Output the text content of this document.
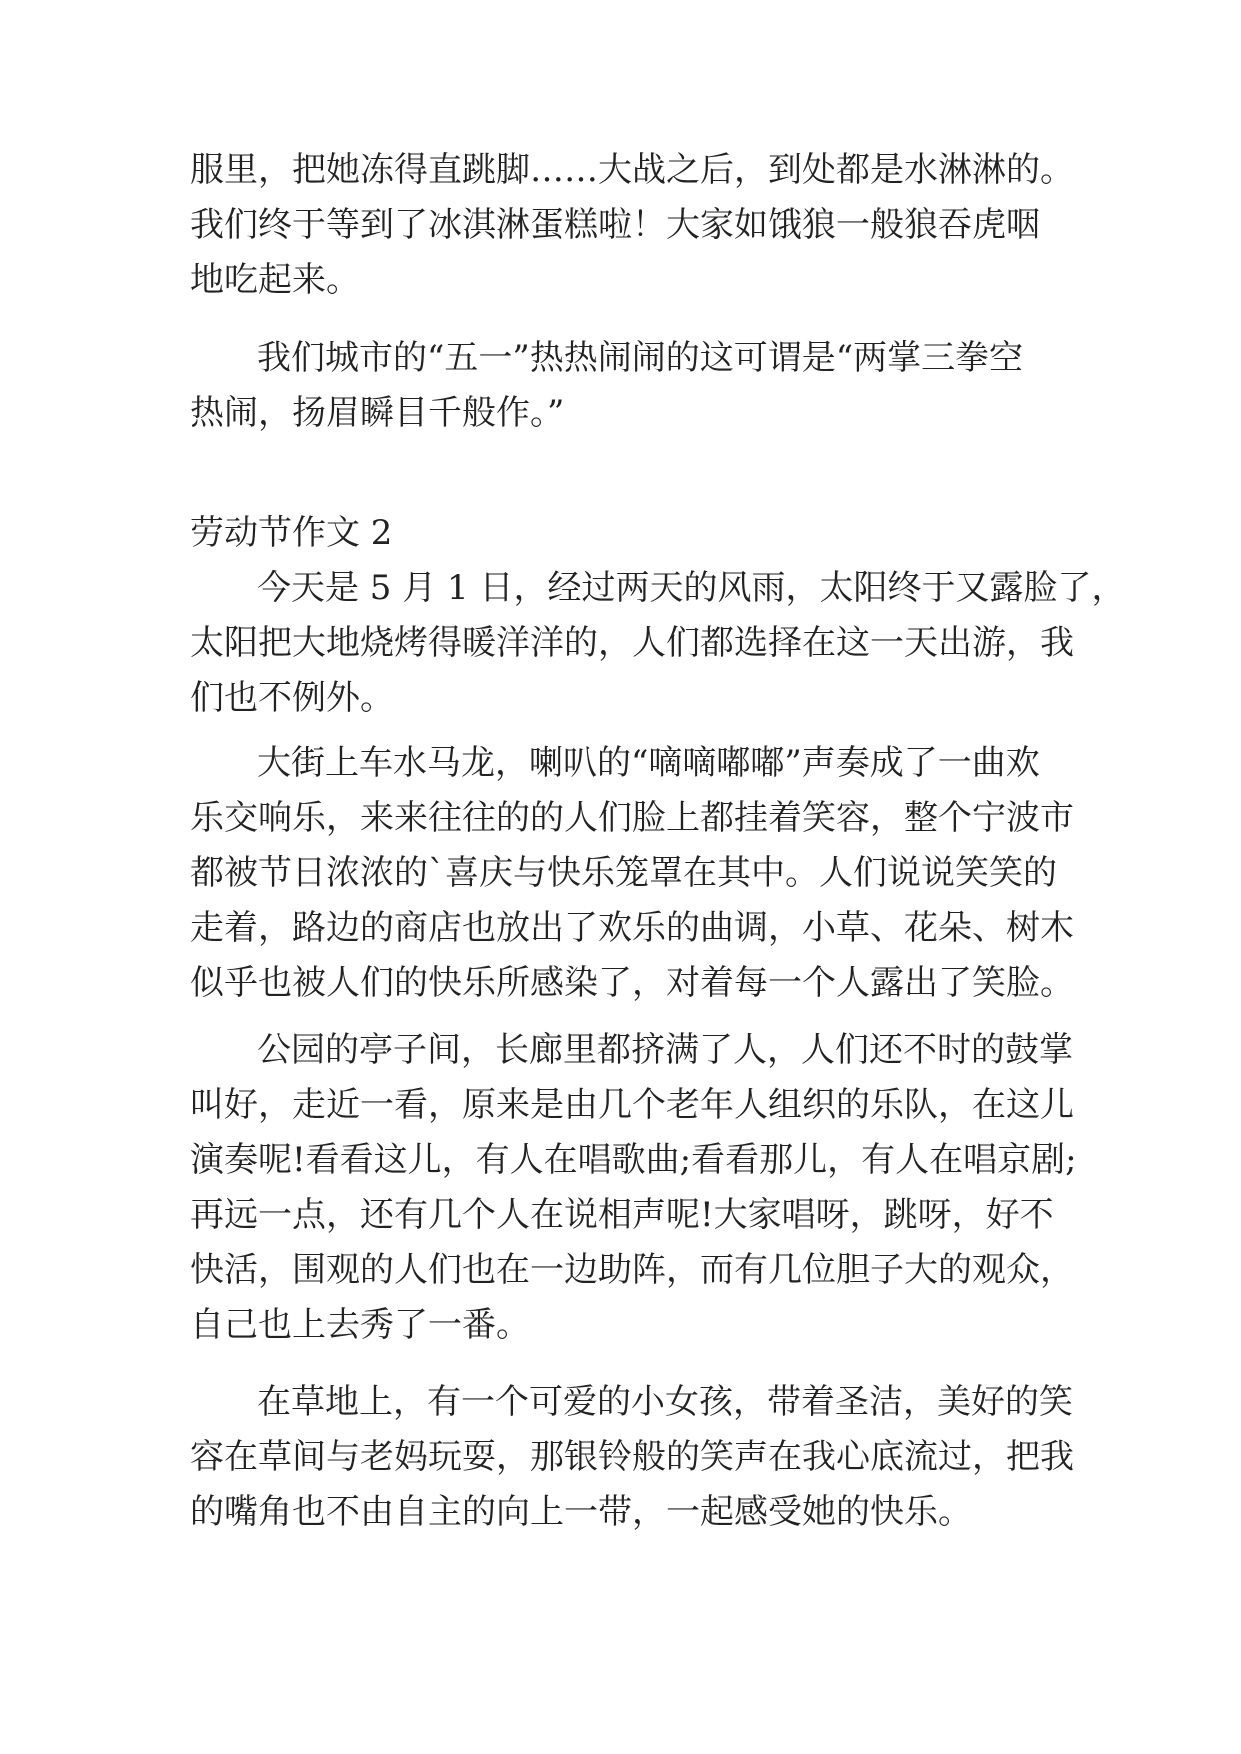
服里，把她冻得直跳脚……大战之后，到处都是水淋淋的。
我们终于等到了冰淇淋蛋糕啦！大家如饿狼一般狼吞虎咽
地吃起来。
我们城市的“五一”热热闹闹的这可谓是“两掌三拳空
热闹，扬眉瞬目千般作。”
劳动节作文 2
今天是 5 月 1 日，经过两天的风雨，太阳终于又露脸了，
太阳把大地烧烤得暖洋洋的，人们都选择在这一天出游，我
们也不例外。
大街上车水马龙，喇叭的“嘀嘀嘟嘟”声奏成了一曲欢
乐交响乐，来来往往的的人们脸上都挂着笑容，整个宁波市
都被节日浓浓的`喜庆与快乐笼罩在其中。人们说说笑笑的
走着，路边的商店也放出了欢乐的曲调，小草、花朵、树木
似乎也被人们的快乐所感染了，对着每一个人露出了笑脸。
公园的亭子间，长廊里都挤满了人，人们还不时的鼓掌
叫好，走近一看，原来是由几个老年人组织的乐队，在这儿
演奏呢!看看这儿，有人在唱歌曲;看看那儿，有人在唱京剧;
再远一点，还有几个人在说相声呢!大家唱呀，跳呀，好不
快活，围观的人们也在一边助阵，而有几位胆子大的观众，
自己也上去秀了一番。
在草地上，有一个可爱的小女孩，带着圣洁，美好的笑
容在草间与老妈玩耍，那银铃般的笑声在我心底流过，把我
的嘴角也不由自主的向上一带，一起感受她的快乐。
